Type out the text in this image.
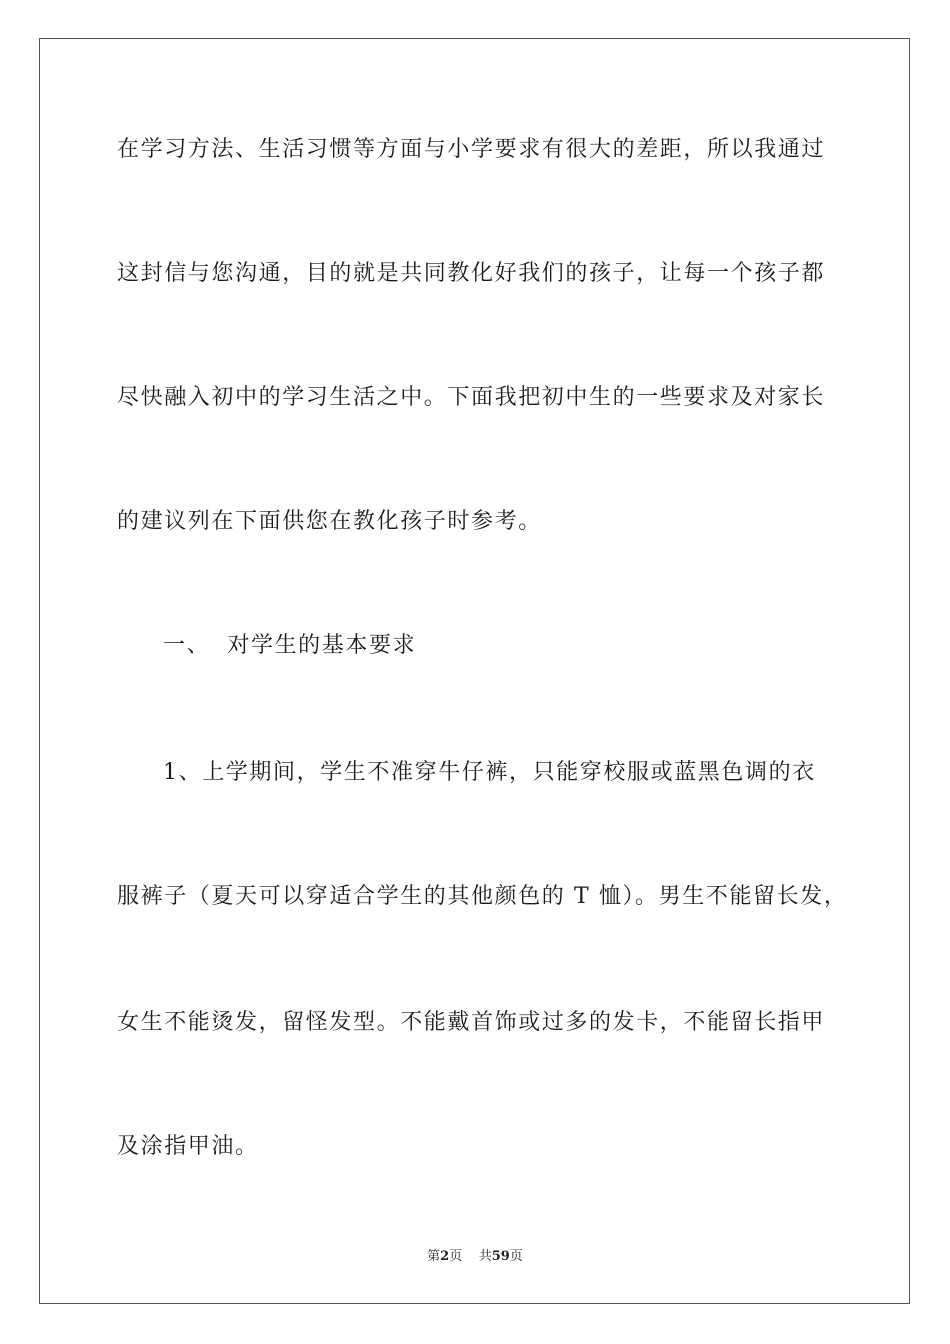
在学习方法、生活习惯等方面与小学要求有很大的差距，所以我通过
这封信与您沟通，目的就是共同教化好我们的孩子，让每一个孩子都
尽快融入初中的学习生活之中。下面我把初中生的一些要求及对家长
的建议列在下面供您在教化孩子时参考。
一、  对学生的基本要求
1、上学期间，学生不准穿牛仔裤，只能穿校服或蓝黑色调的衣
服裤子（夏天可以穿适合学生的其他颜色的 T 恤）。男生不能留长发，
女生不能烫发，留怪发型。不能戴首饰或过多的发卡，不能留长指甲
及涂指甲油。
第2页 共59页
